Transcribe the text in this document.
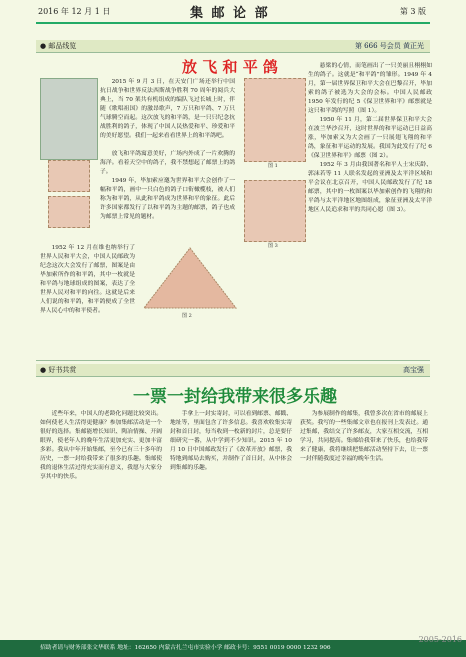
2016 年 12 月 1 日	集 邮 论 部	第 3 版
● 邮品线览	第 666 号会员 黄正光
放 飞 和 平 鸽

2015 年 9 月 3 日，在天安门广场还举行中国抗日战争和世界反法西斯战争胜利 70 周年的阅兵大典上，当 70 架共有机组成的编队飞过长城上时，伴随《歌唱祖国》的激昂歌声，7 万只和平鸽、7 万只气球腾空而起。这次放飞的和平鸽，是一只只纪念抗战胜利的鸽子，体现了中国人民热爱和平、珍爱和平的美好愿望。我们一起来看看世界上的和平鸽吧。

放飞和平鸽寓意美好，广场内外成了一片欢腾的海洋。看着天空中的鸽子，我不禁想起了邮票上的鸽子。

1949 年，毕加索应邀为世界和平大会创作了一幅和平鸽，画中一只白色的鸽子口衔橄榄枝，被人们称为和平鸽，从此和平鸽成为世界和平的象征。此后许多国家都发行了以和平鸽为主题的邮票，鸽子也成为邮票上常见的题材。

图 2

1952 年 12 月在维也纳举行了世界人民和平大会，中国人民邮政为纪念这次大会发行了邮票，图案是由毕加索所作的和平鸽，其中一枚就是和平鸽与地球组成的图案，表达了全世界人民对和平的向往。这就是后来人们说的和平鸽，和平鸽便成了全世界人民心中的和平使者。

图 1
图 3

悬梁的心情，而笔画出了一只美丽且栩栩如生的鸽子。这就是“和平鸽”的雏形。1949 年 4 月，第一届世界保卫和平大会在巴黎召开，毕加索的鸽子被选为大会的会标。中国人民邮政 1950 年发行的纪 5《保卫世界和平》邮票就是这只和平鸽的写照（图 1）。

1950 年 11 月，第二届世界保卫和平大会在波兰华沙召开，这时世界的和平运动已日益高涨，毕加索又为大会画了一只展翅飞翔的和平鸽，象征和平运动的发展。我国为此发行了纪 6《保卫世界和平》邮票（图 2）。

1952 年 3 月由我国著名和平人士宋庆龄、郭沫若等 11 人联名发起的亚洲及太平洋区域和平会议在北京召开，中国人民邮政发行了纪 18 邮票，其中的一枚图案以毕加索创作的飞翔的和平鸽与太平洋地区地图组成，象征亚洲及太平洋地区人民追求和平的共同心愿（图 3）。

● 好书共赏	高宝强
一票一封给我带来很多乐趣

近些年来，中国人的老龄化问题比较突出。如何使老人生活得更健康？参加集邮活动是一个很好的选择。集邮能增长知识、陶冶情操、开阔眼界，使老年人的晚年生活更加充实、更加丰富多彩。我从中年开始集邮，至今已有三十多年的历史，一票一封给我带来了很多的乐趣。集邮使我的退休生活过得充实而有意义，我愿与大家分享其中的快乐。

手拿上一封实寄封，可以看到邮票、邮戳、地址等，里面包含了许多信息。我喜欢收集实寄封和首日封，每当收到一枚新的封片，总是要仔细研究一番，从中学到不少知识。2015 年 10 月 10 日中国邮政发行了《改革开放》邮票，我特地到邮局去购买，并制作了首日封，从中体会到集邮的乐趣。

为参展制作的邮集，我曾多次在省市的邮展上获奖。我写的一些集邮文章也在报刊上发表过。通过集邮，我结交了许多邮友，大家互相交流，互相学习，共同提高。集邮给我带来了快乐，也给我带来了健康，我将继续把集邮活动坚持下去，让一票一封伴随我度过幸福的晚年生活。

招助者请与财务部张文华联系 地址：162650 内蒙古扎兰屯市实验小学 邮政卡号：9551 0019 0000 1232 906
2005-2016
